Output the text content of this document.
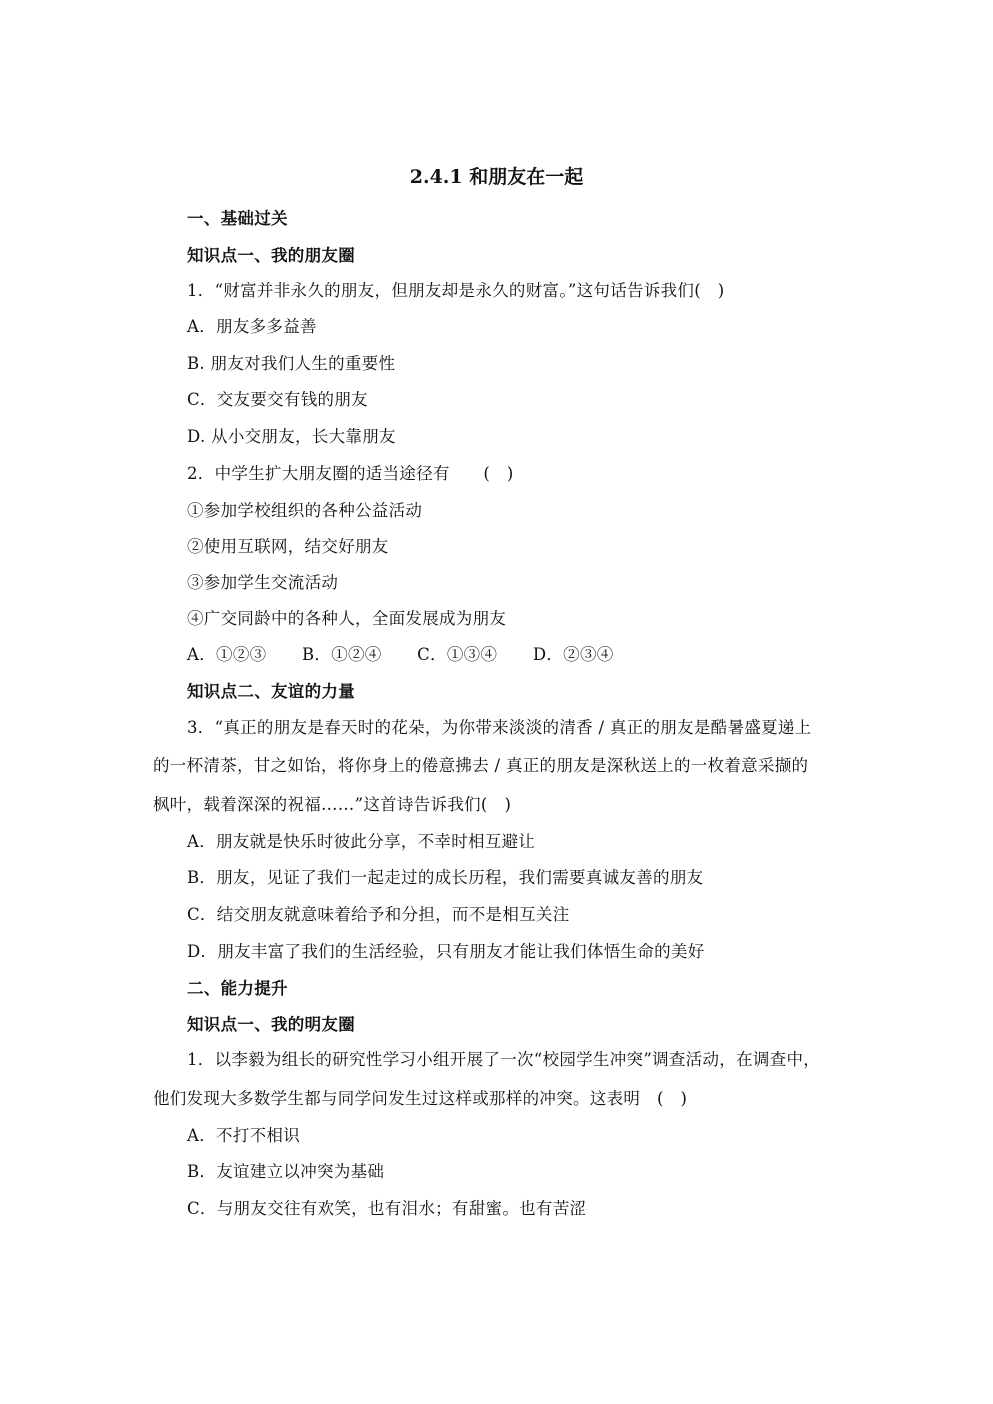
2.4.1 和朋友在一起
一、基础过关
知识点一、我的朋友圈
1．“财富并非永久的朋友，但朋友却是永久的财富。”这句话告诉我们(　)
A．朋友多多益善
B. 朋友对我们人生的重要性
C．交友要交有钱的朋友
D. 从小交朋友，长大靠朋友
2．中学生扩大朋友圈的适当途径有　　(　)
①参加学校组织的各种公益活动
②使用互联网，结交好朋友
③参加学生交流活动
④广交同龄中的各种人，全面发展成为朋友
A．①②③ B．①②④ C．①③④ D．②③④
知识点二、友谊的力量
3．“真正的朋友是春天时的花朵，为你带来淡淡的清香 / 真正的朋友是酷暑盛夏递上
的一杯清茶，甘之如饴，将你身上的倦意拂去 / 真正的朋友是深秋送上的一枚着意采撷的
枫叶，载着深深的祝福……”这首诗告诉我们(　)
A．朋友就是快乐时彼此分享，不幸时相互避让
B．朋友，见证了我们一起走过的成长历程，我们需要真诚友善的朋友
C．结交朋友就意味着给予和分担，而不是相互关注
D．朋友丰富了我们的生活经验，只有朋友才能让我们体悟生命的美好
二、能力提升
知识点一、我的明友圈
1．以李毅为组长的研究性学习小组开展了一次“校园学生冲突”调查活动，在调查中，
他们发现大多数学生都与同学问发生过这样或那样的冲突。这表明　(　)
A．不打不相识
B．友谊建立以冲突为基础
C．与朋友交往有欢笑，也有泪水；有甜蜜。也有苦涩
